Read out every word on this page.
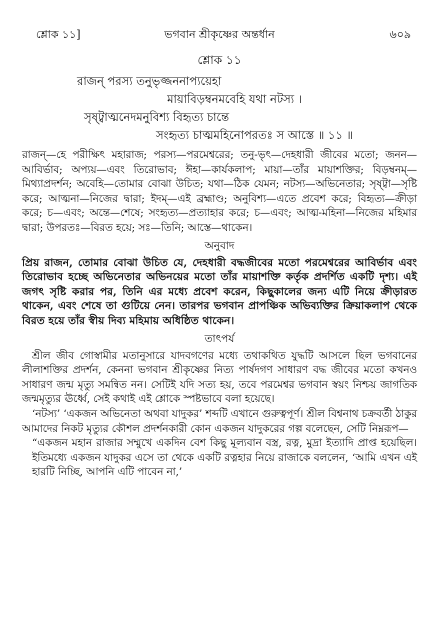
শ্লোক ১১]	ভগবান শ্রীকৃষ্ণের অন্তর্ধান	৬০৯
শ্লোক ১১
রাজন্‌ পরস্য তনুভৃজ্জননাপ্যয়েহা
মায়াবিড়ম্বনমবেহি যথা নটস্য ।
সৃষ্ট্বাত্মনেদমনুবিশ্য বিহৃত্য চান্তে
সংহৃত্য চাত্মমহিনোপরতঃ স আস্তে ॥ ১১ ॥
রাজন্‌—হে পরীক্ষিৎ মহারাজ; পরস্য—পরমেশ্বরের; তনু-ভৃৎ—দেহধারী জীবের মতো; জনন—আবির্ভাব; অপ্যয়—এবং তিরোভাব; ঈহা—কার্যকলাপ; মায়া—তাঁর মায়াশক্তির; বিড়ম্বনম্‌—মিথ্যাপ্রদর্শন; অবেহি—তোমার বোঝা উচিত; যথা—ঠিক যেমন; নটস্য—অভিনেতার; সৃষ্ট্বা—সৃষ্টি করে; আত্মনা—নিজের দ্বারা; ইদম্‌—এই ব্রহ্মাণ্ড; অনুবিশ্য—এতে প্রবেশ করে; বিহৃত্য—ক্রীড়া করে; চ—এবং; অন্তে—শেষে; সংহৃত্য—প্রত্যাহার করে; চ—এবং; আত্ম-মহিনা—নিজের মহিমার দ্বারা; উপরতঃ—বিরত হয়ে; সঃ—তিনি; আস্তে—থাকেন।
অনুবাদ
প্রিয় রাজন, তোমার বোঝা উচিত যে, দেহধারী বদ্ধজীবের মতো পরমেশ্বরের আবির্ভাব এবং তিরোভাব হচ্ছে অভিনেতার অভিনয়ের মতো তাঁর মায়াশক্তি কর্তৃক প্রদর্শিত একটি দৃশ্য। এই জগৎ সৃষ্টি করার পর, তিনি এর মধ্যে প্রবেশ করেন, কিছুকালের জন্য এটি নিয়ে ক্রীড়ারত থাকেন, এবং শেষে তা গুটিয়ে নেন। তারপর ভগবান প্রাপঞ্চিক অভিব্যক্তির ক্রিয়াকলাপ থেকে বিরত হয়ে তাঁর স্বীয় দিব্য মহিমায় অধিষ্ঠিত থাকেন।
তাৎপর্য

শ্রীল জীব গোস্বামীর মতানুসারে যাদবগণের মধ্যে তথাকথিত যুদ্ধটি আসলে ছিল ভগবানের লীলাশক্তির প্রদর্শন, কেননা ভগবান শ্রীকৃষ্ণের নিত্য পার্ষদগণ সাধারণ বদ্ধ জীবের মতো কখনও সাধারণ জন্ম মৃত্যু সমন্বিত নন। সেটিই যদি সত্য হয়, তবে পরমেশ্বর ভগবান স্বয়ং নিশ্চয় জাগতিক জন্মমৃত্যুর ঊর্ধ্বে, সেই কথাই এই শ্লোকে স্পষ্টভাবে বলা হয়েছে।

‘নটস্য’ ‘একজন অভিনেতা অথবা যাদুকর’ শব্দটি এখানে গুরুত্বপূর্ণ। শ্রীল বিশ্বনাথ চক্রবর্তী ঠাকুর আমাদের নিকট মৃত্যুর কৌশল প্রদর্শনকারী কোন একজন যাদুকরের গল্প বলেছেন, সেটি নিম্নরূপ—

“একজন মহান রাজার সম্মুখে একদিন বেশ কিছু মূল্যবান বস্ত্র, রত্ন, মুদ্রা ইত্যাদি প্রাপ্ত হয়েছিল। ইতিমধ্যে একজন যাদুকর এসে তা থেকে একটি রত্নহার নিয়ে রাজাকে বললেন, ‘আমি এখন এই হারটি নিচ্ছি, আপনি এটি পাবেন না,’
